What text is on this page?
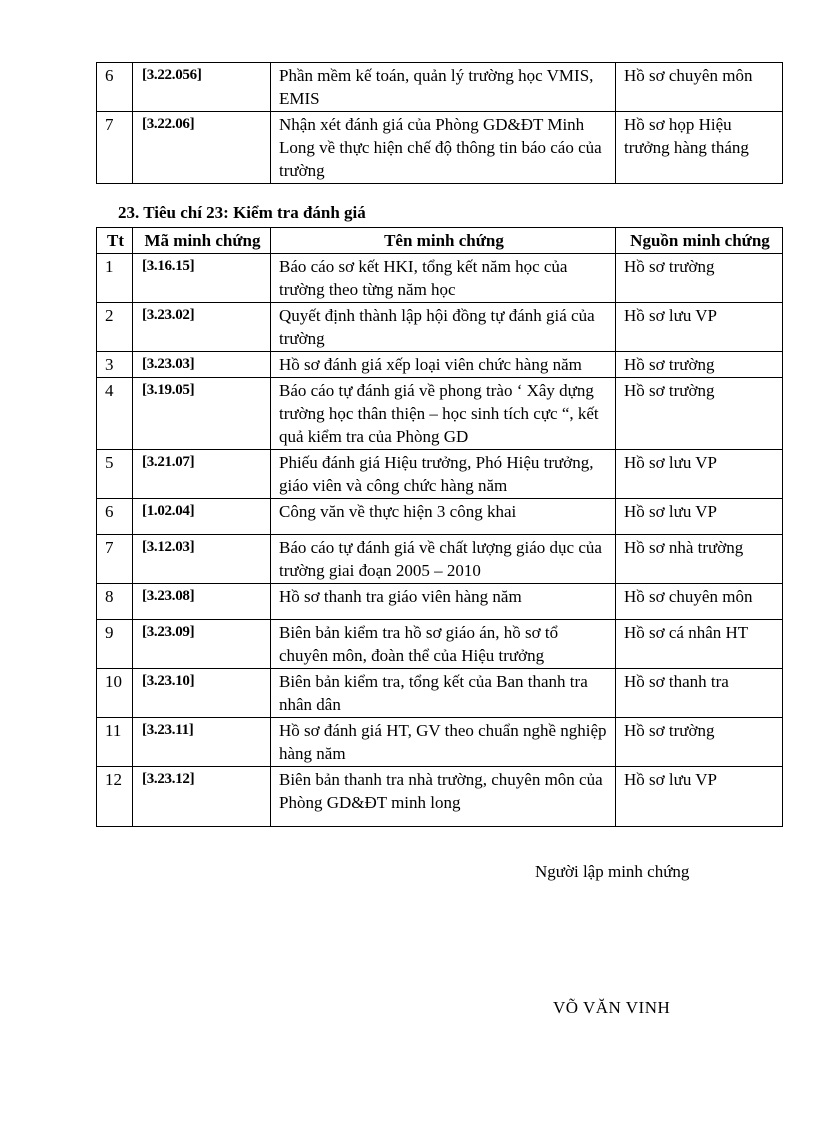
6	[ 3.22.056 ]	Phần mềm kế toán, quản lý trường học VMIS, EMIS	Hồ sơ chuyên môn
7	[ 3.22.06 ]	Nhận xét đánh giá của Phòng GD&ĐT Minh Long về thực hiện chế độ thông tin báo cáo của trường	Hồ sơ họp Hiệu trưởng hàng tháng
23. Tiêu chí 23: Kiểm tra đánh giá
Tt	Mã minh chứng	Tên minh chứng	Nguồn minh chứng
1	[ 3.16.15 ]	Báo cáo sơ kết HKI, tổng kết năm học của trường theo từng năm học	Hồ sơ trường
2	[ 3.23.02 ]	Quyết định thành lập hội đồng tự đánh giá của trường	Hồ sơ lưu VP
3	[ 3.23.03 ]	Hồ sơ đánh giá xếp loại viên chức hàng năm	Hồ sơ trường
4	[ 3.19.05 ]	Báo cáo tự đánh giá về phong trào ‘ Xây dựng trường học thân thiện – học sinh tích cực “, kết quả kiểm tra của Phòng GD	Hồ sơ trường
5	[ 3.21.07 ]	Phiếu đánh giá Hiệu trưởng, Phó Hiệu trưởng, giáo viên và công chức hàng năm	Hồ sơ lưu VP
6	[ 1.02.04 ]	Công văn về thực hiện 3 công khai	Hồ sơ lưu VP
7	[ 3.12.03 ]	Báo cáo tự đánh giá về chất lượng giáo dục của trường giai đoạn 2005 – 2010	Hồ sơ nhà trường
8	[ 3.23.08 ]	Hồ sơ thanh tra giáo viên hàng năm	Hồ sơ chuyên môn
9	[ 3.23.09 ]	Biên bản kiểm tra hồ sơ giáo án, hồ sơ tổ chuyên môn, đoàn thể của Hiệu trưởng	Hồ sơ cá nhân HT
10	[ 3.23.10 ]	Biên bản kiểm tra, tổng kết của Ban thanh tra nhân dân	Hồ sơ thanh tra
11	[ 3.23.11 ]	Hồ sơ đánh giá HT, GV theo chuẩn nghề nghiệp hàng năm	Hồ sơ trường
12	[ 3.23.12 ]	Biên bản thanh tra nhà trường, chuyên môn của Phòng GD&ĐT minh long	Hồ sơ lưu VP
Người lập minh chứng
VÕ VĂN VINH
